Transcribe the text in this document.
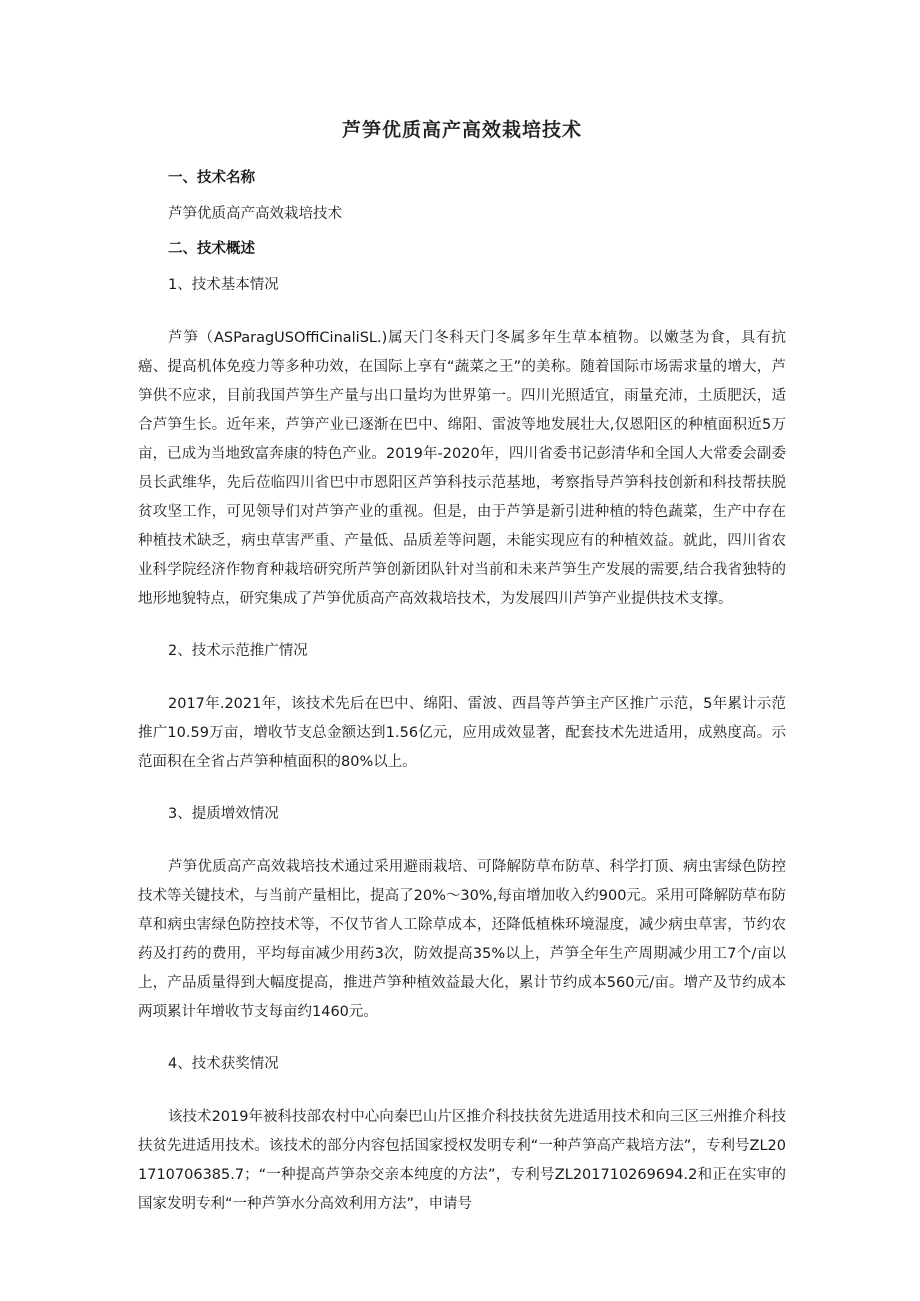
芦笋优质高产高效栽培技术
一、技术名称
芦笋优质高产高效栽培技术
二、技术概述
1、技术基本情况

芦笋（ASParagUSOffiCinaliSL.)属天门冬科天门冬属多年生草本植物。以嫩茎为食，具有抗癌、提高机体免疫力等多种功效，在国际上享有“蔬菜之王”的美称。随着国际市场需求量的增大，芦笋供不应求，目前我国芦笋生产量与出口量均为世界第一。四川光照适宜，雨量充沛，土质肥沃，适合芦笋生长。近年来，芦笋产业已逐渐在巴中、绵阳、雷波等地发展壮大,仅恩阳区的种植面积近5万亩，已成为当地致富奔康的特色产业。2019年-2020年，四川省委书记彭清华和全国人大常委会副委员长武维华，先后莅临四川省巴中市恩阳区芦笋科技示范基地，考察指导芦笋科技创新和科技帮扶脱贫攻坚工作，可见领导们对芦笋产业的重视。但是，由于芦笋是新引进种植的特色蔬菜，生产中存在种植技术缺乏，病虫草害严重、产量低、品质差等问题，未能实现应有的种植效益。就此，四川省农业科学院经济作物育种栽培研究所芦笋创新团队针对当前和未来芦笋生产发展的需要,结合我省独特的地形地貌特点，研究集成了芦笋优质高产高效栽培技术，为发展四川芦笋产业提供技术支撑。

2、技术示范推广情况

2017年.2021年，该技术先后在巴中、绵阳、雷波、西昌等芦笋主产区推广示范，5年累计示范推广10.59万亩，增收节支总金额达到1.56亿元，应用成效显著，配套技术先进适用，成熟度高。示范面积在全省占芦笋种植面积的80%以上。

3、提质增效情况

芦笋优质高产高效栽培技术通过采用避雨栽培、可降解防草布防草、科学打顶、病虫害绿色防控技术等关键技术，与当前产量相比，提高了20%～30%,每亩增加收入约900元。采用可降解防草布防草和病虫害绿色防控技术等，不仅节省人工除草成本，还降低植株环境湿度，减少病虫草害，节约农药及打药的费用，平均每亩减少用药3次，防效提高35%以上，芦笋全年生产周期减少用工7个/亩以上，产品质量得到大幅度提高，推进芦笋种植效益最大化，累计节约成本560元/亩。增产及节约成本两项累计年增收节支每亩约1460元。

4、技术获奖情况

该技术2019年被科技部农村中心向秦巴山片区推介科技扶贫先进适用技术和向三区三州推介科技扶贫先进适用技术。该技术的部分内容包括国家授权发明专利“一种芦笋高产栽培方法”，专利号ZL201710706385.7；“一种提高芦笋杂交亲本纯度的方法”，专利号ZL201710269694.2和正在实审的国家发明专利“一种芦笋水分高效利用方法”，申请号
